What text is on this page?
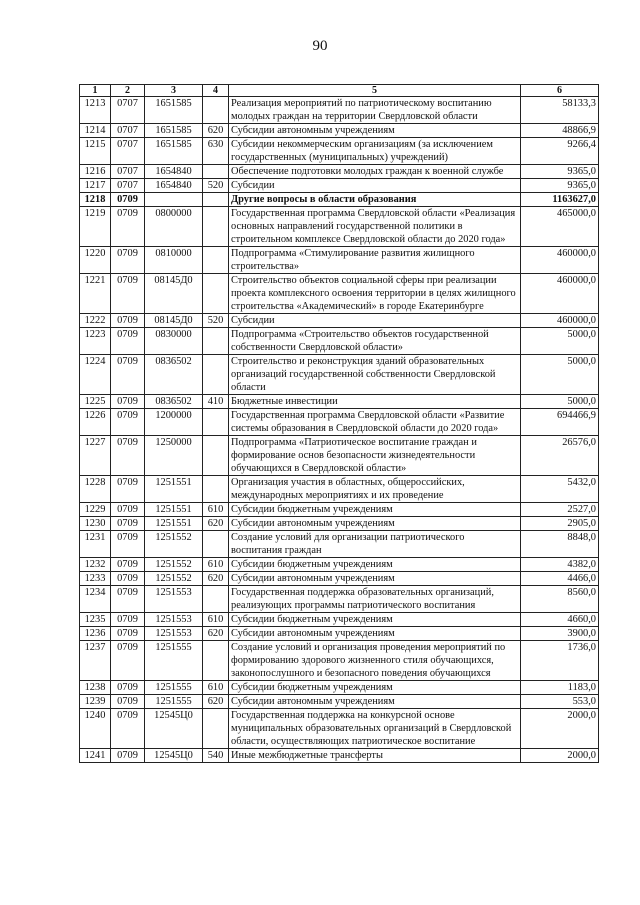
90
1	2	3	4	5	6
1213	0707	1651585		Реализация мероприятий по патриотическому воспитанию молодых граждан на территории Свердловской области	58133,3
1214	0707	1651585	620	Субсидии автономным учреждениям	48866,9
1215	0707	1651585	630	Субсидии некоммерческим организациям (за исключением государственных (муниципальных) учреждений)	9266,4
1216	0707	1654840		Обеспечение подготовки молодых граждан к военной службе	9365,0
1217	0707	1654840	520	Субсидии	9365,0
1218	0709			Другие вопросы в области образования	1163627,0
1219	0709	0800000		Государственная программа Свердловской области «Реализация основных направлений государственной политики в строительном комплексе Свердловской области до 2020 года»	465000,0
1220	0709	0810000		Подпрограмма «Стимулирование развития жилищного строительства»	460000,0
1221	0709	08145Д0		Строительство объектов социальной сферы при реализации проекта комплексного освоения территории в целях жилищного строительства «Академический» в городе Екатеринбурге	460000,0
1222	0709	08145Д0	520	Субсидии	460000,0
1223	0709	0830000		Подпрограмма «Строительство объектов государственной собственности Свердловской области»	5000,0
1224	0709	0836502		Строительство и реконструкция зданий образовательных организаций государственной собственности Свердловской области	5000,0
1225	0709	0836502	410	Бюджетные инвестиции	5000,0
1226	0709	1200000		Государственная программа Свердловской области «Развитие системы образования в Свердловской области до 2020 года»	694466,9
1227	0709	1250000		Подпрограмма «Патриотическое воспитание граждан и формирование основ безопасности жизнедеятельности обучающихся в Свердловской области»	26576,0
1228	0709	1251551		Организация участия в областных, общероссийских, международных мероприятиях и их проведение	5432,0
1229	0709	1251551	610	Субсидии бюджетным учреждениям	2527,0
1230	0709	1251551	620	Субсидии автономным учреждениям	2905,0
1231	0709	1251552		Создание условий для организации патриотического воспитания граждан	8848,0
1232	0709	1251552	610	Субсидии бюджетным учреждениям	4382,0
1233	0709	1251552	620	Субсидии автономным учреждениям	4466,0
1234	0709	1251553		Государственная поддержка образовательных организаций, реализующих программы патриотического воспитания	8560,0
1235	0709	1251553	610	Субсидии бюджетным учреждениям	4660,0
1236	0709	1251553	620	Субсидии автономным учреждениям	3900,0
1237	0709	1251555		Создание условий и организация проведения мероприятий по формированию здорового жизненного стиля обучающихся, законопослушного и безопасного поведения обучающихся	1736,0
1238	0709	1251555	610	Субсидии бюджетным учреждениям	1183,0
1239	0709	1251555	620	Субсидии автономным учреждениям	553,0
1240	0709	12545Ц0		Государственная поддержка на конкурсной основе муниципальных образовательных организаций в Свердловской области, осуществляющих патриотическое воспитание	2000,0
1241	0709	12545Ц0	540	Иные межбюджетные трансферты	2000,0
